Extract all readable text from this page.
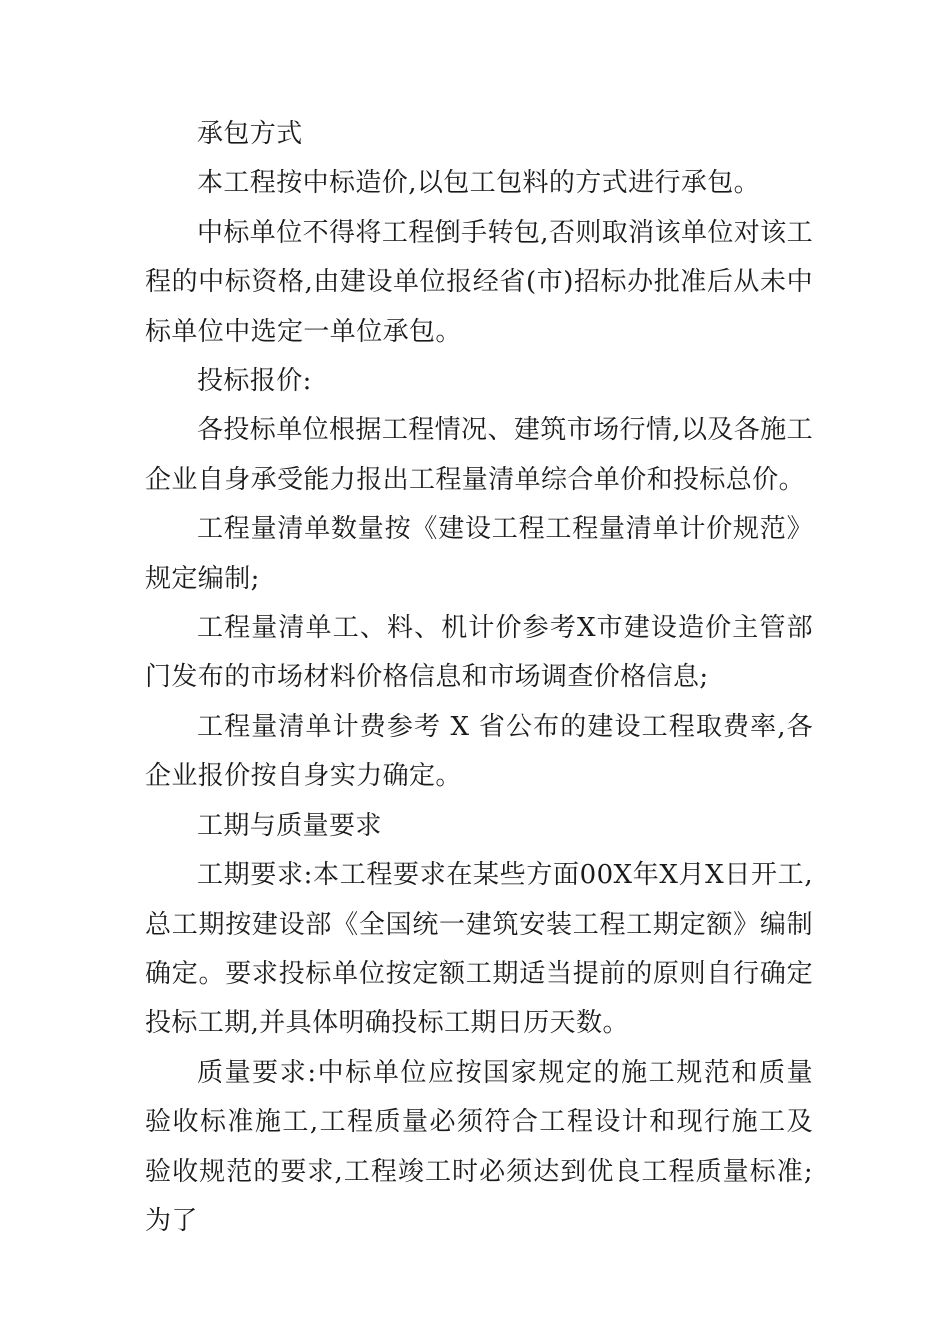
承包方式

本工程按中标造价,以包工包料的方式进行承包。

中标单位不得将工程倒手转包,否则取消该单位对该工程的中标资格,由建设单位报经省(市)招标办批准后从未中标单位中选定一单位承包。

投标报价:

各投标单位根据工程情况、建筑市场行情,以及各施工企业自身承受能力报出工程量清单综合单价和投标总价。

工程量清单数量按《建设工程工程量清单计价规范》规定编制;

工程量清单工、料、机计价参考X市建设造价主管部门发布的市场材料价格信息和市场调查价格信息;

工程量清单计费参考 X 省公布的建设工程取费率,各企业报价按自身实力确定。

工期与质量要求

工期要求:本工程要求在某些方面00X年X月X日开工,总工期按建设部《全国统一建筑安装工程工期定额》编制确定。要求投标单位按定额工期适当提前的原则自行确定投标工期,并具体明确投标工期日历天数。

质量要求:中标单位应按国家规定的施工规范和质量验收标准施工,工程质量必须符合工程设计和现行施工及验收规范的要求,工程竣工时必须达到优良工程质量标准;为了
